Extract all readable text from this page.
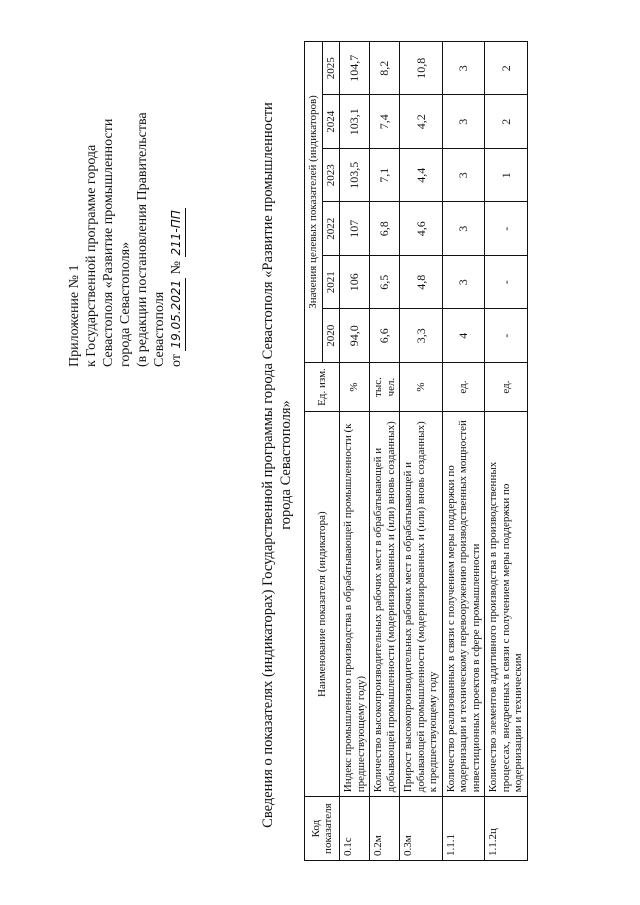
Приложение № 1 к Государственной программе города Севастополя «Развитие промышленности города Севастополя» (в редакции постановления Правительства Севастополя от 19.05.2021 № 211-ПП	Сведения о показателях (индикаторах) Государственной программы города Севастополя «Развитие промышленности города Севастополя»
Код показателя	Наименование показателя (индикатора)	Ед. изм.	Значения целевых показателей (индикаторов)					
			2020	2021	2022	2023	2024	2025
0.1с	Индекс промышленного производства в обрабатывающей промышленности (к предшествующему году)	%	94,0	106	107	103,5	103,1	104,7
0.2м	Количество высокопроизводительных рабочих мест в обрабатывающей и добывающей промышленности (модернизированных и (или) вновь созданных)	тыс. чел.	6,6	6,5	6,8	7,1	7,4	8,2
0.3м	Прирост высокопроизводительных рабочих мест в обрабатывающей и добывающей промышленности (модернизированных и (или) вновь созданных) к предшествующему году	%	3,3	4,8	4,6	4,4	4,2	10,8
1.1.1	Количество реализованных в связи с получением меры поддержки по модернизации и техническому перевооружению производственных мощностей инвестиционных проектов в сфере промышленности	ед.	4	3	3	3	3	3
1.1.2ц	Количество элементов аддитивного производства в производственных процессах, внедренных в связи с получением меры поддержки по модернизации и техническим	ед.	-	-	-	1	2	2
